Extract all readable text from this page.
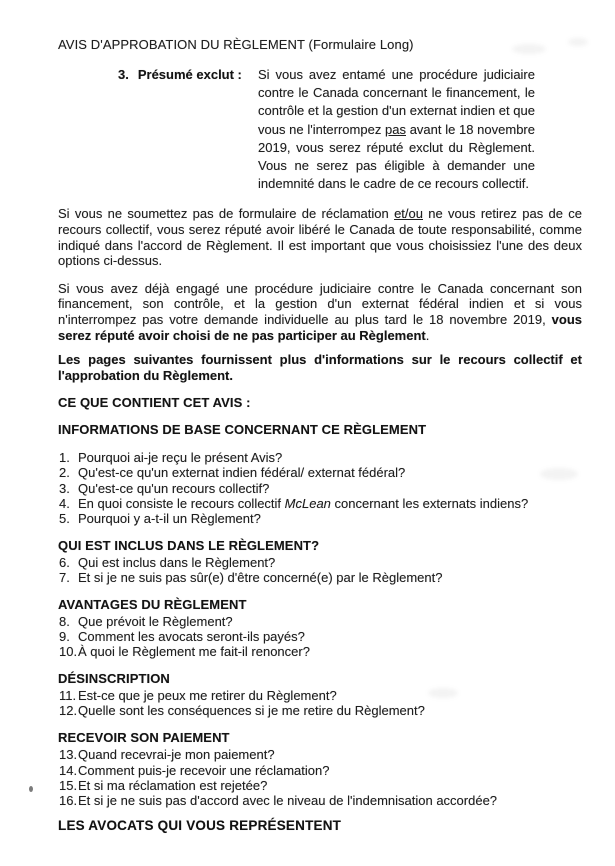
AVIS D'APPROBATION DU RÈGLEMENT (Formulaire Long)
3. Présumé exclut :	Si vous avez entamé une procédure judiciaire contre le Canada concernant le financement, le contrôle et la gestion d'un externat indien et que vous ne l'interrompez pas avant le 18 novembre 2019, vous serez réputé exclut du Règlement. Vous ne serez pas éligible à demander une indemnité dans le cadre de ce recours collectif.
Si vous ne soumettez pas de formulaire de réclamation et/ou ne vous retirez pas de ce recours collectif, vous serez réputé avoir libéré le Canada de toute responsabilité, comme indiqué dans l'accord de Règlement. Il est important que vous choisissiez l'une des deux options ci-dessus.
Si vous avez déjà engagé une procédure judiciaire contre le Canada concernant son financement, son contrôle, et la gestion d'un externat fédéral indien et si vous n'interrompez pas votre demande individuelle au plus tard le 18 novembre 2019, vous serez réputé avoir choisi de ne pas participer au Règlement.
Les pages suivantes fournissent plus d'informations sur le recours collectif et l'approbation du Règlement.
CE QUE CONTIENT CET AVIS :
INFORMATIONS DE BASE CONCERNANT CE RÈGLEMENT
1. Pourquoi ai-je reçu le présent Avis?
2. Qu'est-ce qu'un externat indien fédéral/ externat fédéral?
3. Qu'est-ce qu'un recours collectif?
4. En quoi consiste le recours collectif McLean concernant les externats indiens?
5. Pourquoi y a-t-il un Règlement?
QUI EST INCLUS DANS LE RÈGLEMENT?
6. Qui est inclus dans le Règlement?
7. Et si je ne suis pas sûr(e) d'être concerné(e) par le Règlement?
AVANTAGES DU RÈGLEMENT
8. Que prévoit le Règlement?
9. Comment les avocats seront-ils payés?
10.À quoi le Règlement me fait-il renoncer?
DÉSINSCRIPTION
11. Est-ce que je peux me retirer du Règlement?
12.Quelle sont les conséquences si je me retire du Règlement?
RECEVOIR SON PAIEMENT
13.Quand recevrai-je mon paiement?
14.Comment puis-je recevoir une réclamation?
15.Et si ma réclamation est rejetée?
16.Et si je ne suis pas d'accord avec le niveau de l'indemnisation accordée?
LES AVOCATS QUI VOUS REPRÉSENTENT
